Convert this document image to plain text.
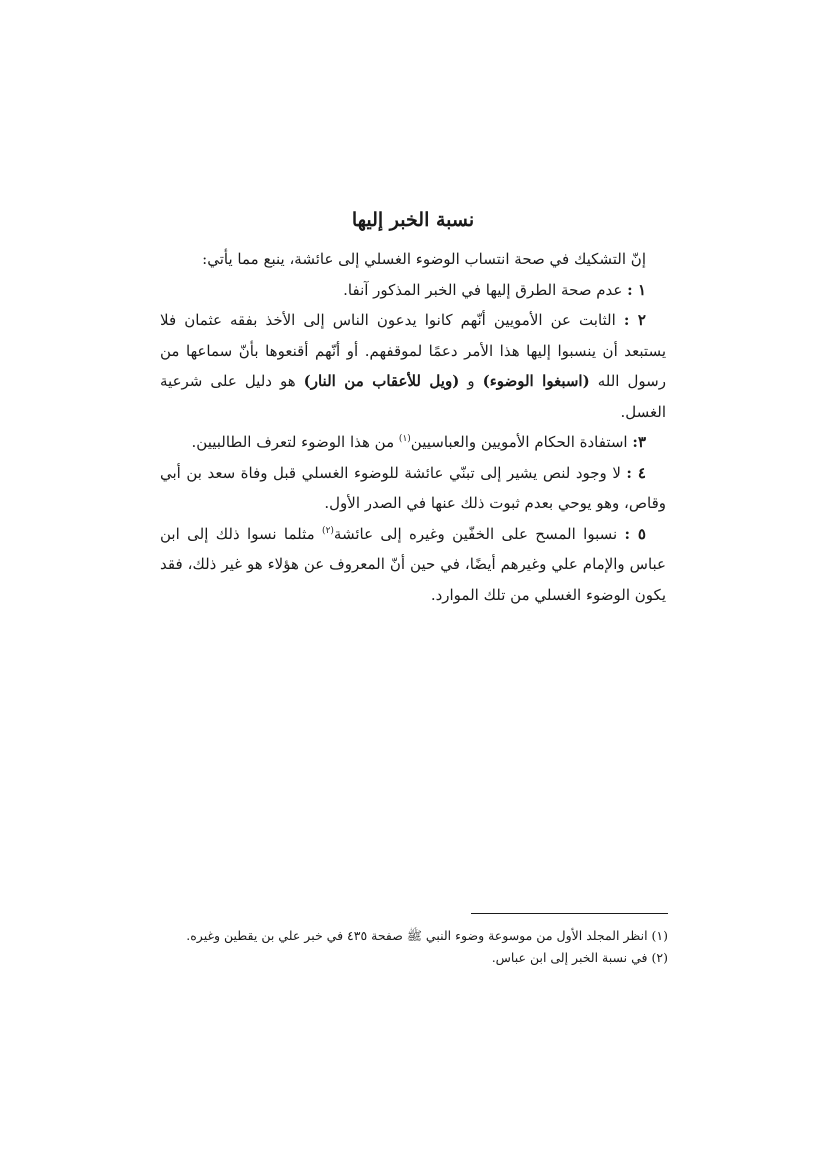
نسبة الخبر إليها

إنّ التشكيك في صحة انتساب الوضوء الغسلي إلى عائشة، ينبع مما يأتي:

١ : عدم صحة الطرق إليها في الخبر المذكور آنفا.

٢ : الثابت عن الأمويين أنّهم كانوا يدعون الناس إلى الأخذ بفقه عثمان فلا يستبعد أن ينسبوا إليها هذا الأمر دعمًا لموقفهم. أو أنّهم أقنعوها بأنّ سماعها من رسول الله (اسبغوا الوضوء) و (ويل للأعقاب من النار) هو دليل على شرعية الغسل.

٣: استفادة الحكام الأمويين والعباسيين$^{(١)}$ من هذا الوضوء لتعرف الطالبيين.

٤ : لا وجود لنص يشير إلى تبنّي عائشة للوضوء الغسلي قبل وفاة سعد بن أبي وقاص، وهو يوحي بعدم ثبوت ذلك عنها في الصدر الأول.

٥ : نسبوا المسح على الخفّين وغيره إلى عائشة$^{(٢)}$ مثلما نسوا ذلك إلى ابن عباس والإمام علي وغيرهم أيضًا، في حين أنّ المعروف عن هؤلاء هو غير ذلك، فقد يكون الوضوء الغسلي من تلك الموارد.

(١) انظر المجلد الأول من موسوعة وضوء النبي ﷺ صفحة ٤٣٥ في خبر علي بن يقطين وغيره.

(٢) في نسبة الخبر إلى ابن عباس.
